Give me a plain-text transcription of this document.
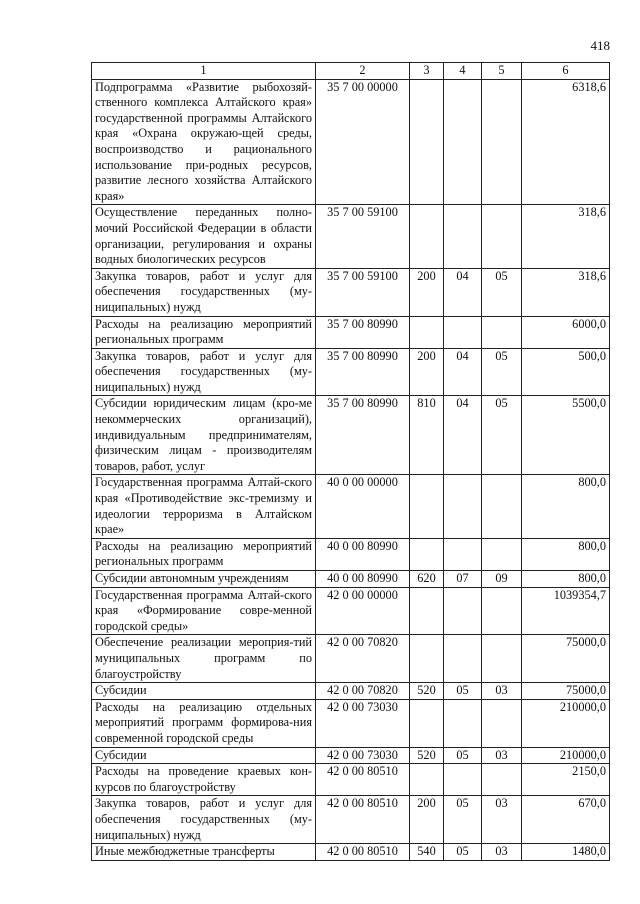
418
1	2	3	4	5	6
Подпрограмма «Развитие рыбохозяй-ственного комплекса Алтайского края» государственной программы Алтайского края «Охрана окружаю-щей среды, воспроизводство и рационального использование при-родных ресурсов, развитие лесного хозяйства Алтайского края»	35 7 00 00000				6318,6
Осуществление переданных полно-мочий Российской Федерации в области организации, регулирования и охраны водных биологических ресурсов	35 7 00 59100				318,6
Закупка товаров, работ и услуг для обеспечения государственных (му-ниципальных) нужд	35 7 00 59100	200	04	05	318,6
Расходы на реализацию мероприятий региональных программ	35 7 00 80990				6000,0
Закупка товаров, работ и услуг для обеспечения государственных (му-ниципальных) нужд	35 7 00 80990	200	04	05	500,0
Субсидии юридическим лицам (кро-ме некоммерческих организаций), индивидуальным предпринимателям, физическим лицам - производителям товаров, работ, услуг	35 7 00 80990	810	04	05	5500,0
Государственная программа Алтай-ского края «Противодействие экс-тремизму и идеологии терроризма в Алтайском крае»	40 0 00 00000				800,0
Расходы на реализацию мероприятий региональных программ	40 0 00 80990				800,0
Субсидии автономным учреждениям	40 0 00 80990	620	07	09	800,0
Государственная программа Алтай-ского края «Формирование совре-менной городской среды»	42 0 00 00000				1039354,7
Обеспечение реализации мероприя-тий муниципальных программ по благоустройству	42 0 00 70820				75000,0
Субсидии	42 0 00 70820	520	05	03	75000,0
Расходы на реализацию отдельных мероприятий программ формирова-ния современной городской среды	42 0 00 73030				210000,0
Субсидии	42 0 00 73030	520	05	03	210000,0
Расходы на проведение краевых кон-курсов по благоустройству	42 0 00 80510				2150,0
Закупка товаров, работ и услуг для обеспечения государственных (му-ниципальных) нужд	42 0 00 80510	200	05	03	670,0
Иные межбюджетные трансферты	42 0 00 80510	540	05	03	1480,0
